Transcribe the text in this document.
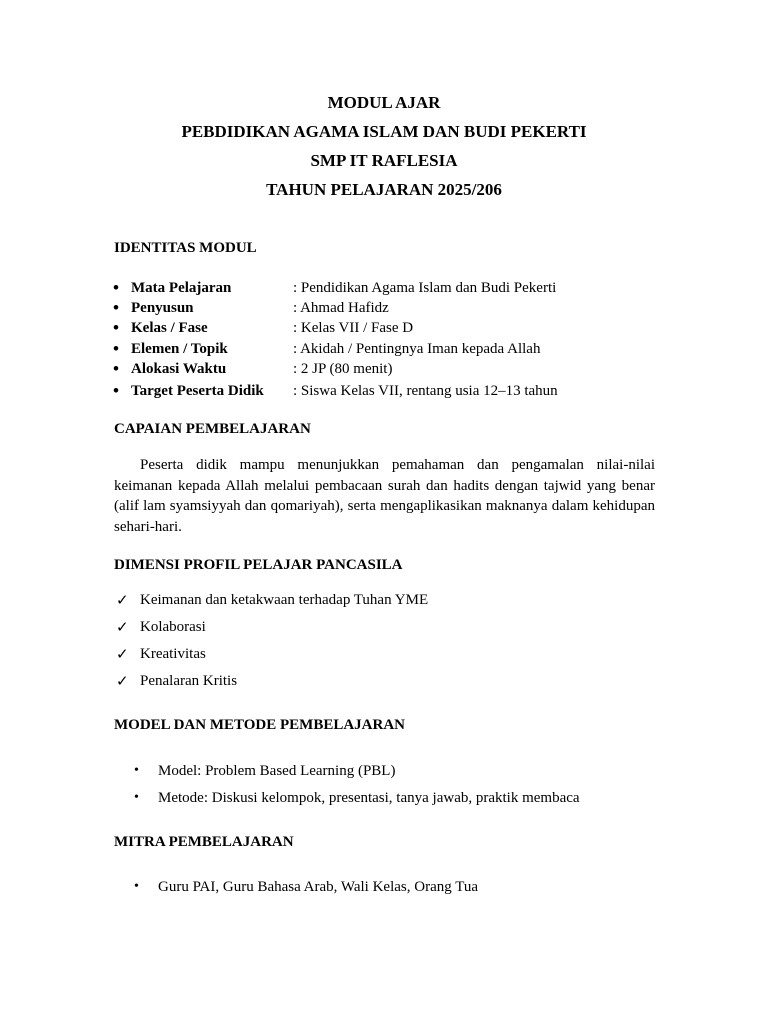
MODUL AJAR
PEBDIDIKAN AGAMA ISLAM DAN BUDI PEKERTI
SMP IT RAFLESIA
TAHUN PELAJARAN 2025/206
IDENTITAS MODUL
• Mata Pelajaran	: Pendidikan Agama Islam dan Budi Pekerti
• Penyusun	: Ahmad Hafidz
• Kelas / Fase	: Kelas VII / Fase D
• Elemen / Topik	: Akidah / Pentingnya Iman kepada Allah
• Alokasi Waktu	: 2 JP (80 menit)
• Target Peserta Didik : Siswa Kelas VII, rentang usia 12–13 tahun
CAPAIAN PEMBELAJARAN
Peserta didik mampu menunjukkan pemahaman dan pengamalan nilai-nilai
keimanan kepada Allah melalui pembacaan surah dan hadits dengan tajwid yang benar
(alif lam syamsiyyah dan qomariyah), serta mengaplikasikan maknanya dalam kehidupan
sehari-hari.
DIMENSI PROFIL PELAJAR PANCASILA
✓ Keimanan dan ketakwaan terhadap Tuhan YME
✓ Kolaborasi
✓ Kreativitas
✓ Penalaran Kritis
MODEL DAN METODE PEMBELAJARAN
• Model: Problem Based Learning (PBL)
• Metode: Diskusi kelompok, presentasi, tanya jawab, praktik membaca
MITRA PEMBELAJARAN
• Guru PAI, Guru Bahasa Arab, Wali Kelas, Orang Tua
